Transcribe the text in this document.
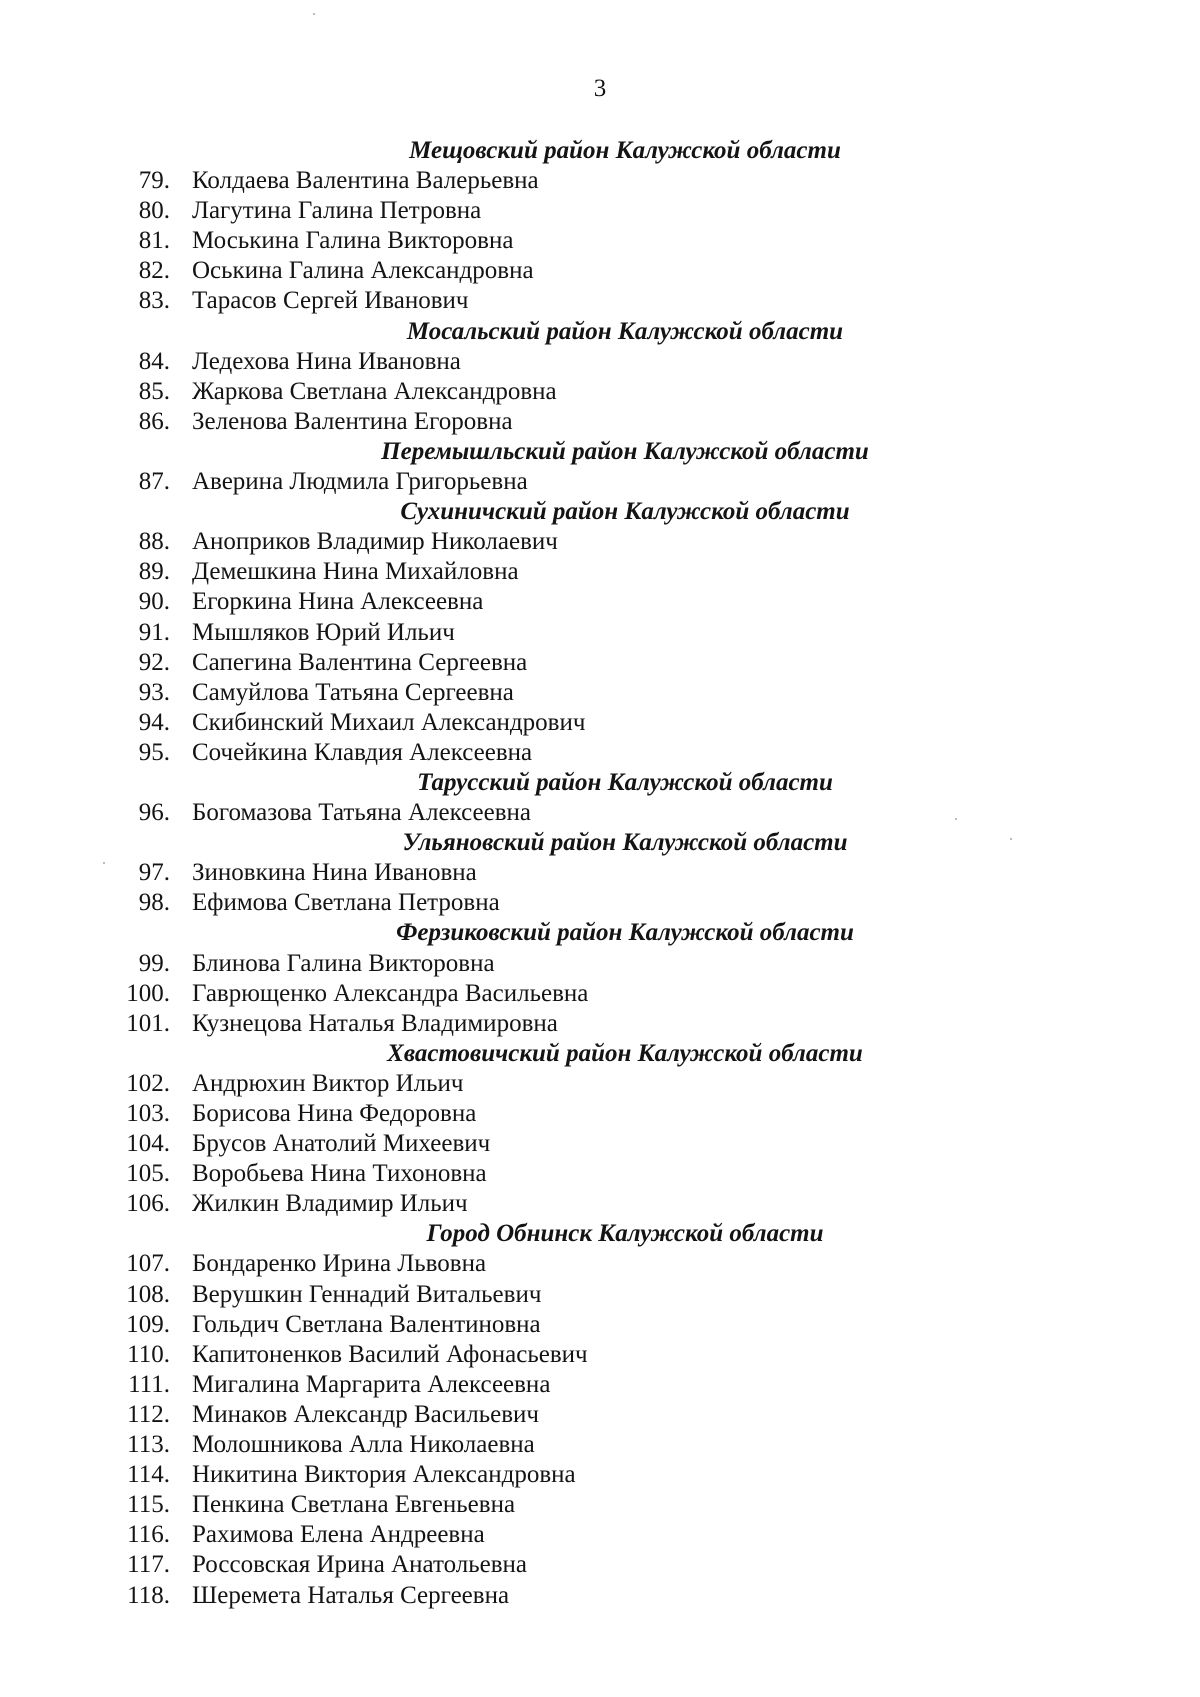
3
Мещовский район Калужской области
79. Колдаева Валентина Валерьевна
80. Лагутина Галина Петровна
81. Моськина Галина Викторовна
82. Оськина Галина Александровна
83. Тарасов Сергей Иванович
Мосальский район Калужской области
84. Ледехова Нина Ивановна
85. Жаркова Светлана Александровна
86. Зеленова Валентина Егоровна
Перемышльский район Калужской области
87. Аверина Людмила Григорьевна
Сухиничский район Калужской области
88. Аноприков Владимир Николаевич
89. Демешкина Нина Михайловна
90. Егоркина Нина Алексеевна
91. Мышляков Юрий Ильич
92. Сапегина Валентина Сергеевна
93. Самуйлова Татьяна Сергеевна
94. Скибинский Михаил Александрович
95. Сочейкина Клавдия Алексеевна
Тарусский район Калужской области
96. Богомазова Татьяна Алексеевна
Ульяновский район Калужской области
97. Зиновкина Нина Ивановна
98. Ефимова Светлана Петровна
Ферзиковский район Калужской области
99. Блинова Галина Викторовна
100. Гаврющенко Александра Васильевна
101. Кузнецова Наталья Владимировна
Хвастовичский район Калужской области
102. Андрюхин Виктор Ильич
103. Борисова Нина Федоровна
104. Брусов Анатолий Михеевич
105. Воробьева Нина Тихоновна
106. Жилкин Владимир Ильич
Город Обнинск Калужской области
107. Бондаренко Ирина Львовна
108. Верушкин Геннадий Витальевич
109. Гольдич Светлана Валентиновна
110. Капитоненков Василий Афонасьевич
111. Мигалина Маргарита Алексеевна
112. Минаков Александр Васильевич
113. Молошникова Алла Николаевна
114. Никитина Виктория Александровна
115. Пенкина Светлана Евгеньевна
116. Рахимова Елена Андреевна
117. Россовская Ирина Анатольевна
118. Шеремета Наталья Сергеевна
